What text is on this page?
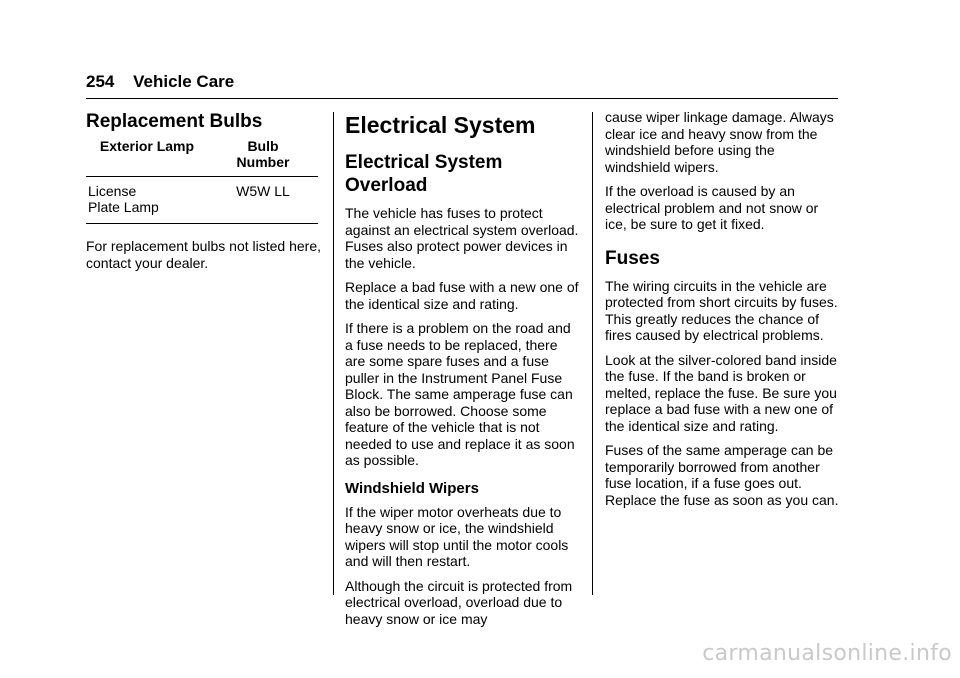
254 Vehicle Care
Replacement Bulbs
Exterior Lamp	Bulb
Number
License
Plate Lamp	W5W LL

For replacement bulbs not listed here, contact your dealer.

Electrical System
Electrical System Overload

The vehicle has fuses to protect against an electrical system overload. Fuses also protect power devices in the vehicle.

Replace a bad fuse with a new one of the identical size and rating.

If there is a problem on the road and a fuse needs to be replaced, there are some spare fuses and a fuse puller in the Instrument Panel Fuse Block. The same amperage fuse can also be borrowed. Choose some feature of the vehicle that is not needed to use and replace it as soon as possible.

Windshield Wipers

If the wiper motor overheats due to heavy snow or ice, the windshield wipers will stop until the motor cools and will then restart.

Although the circuit is protected from electrical overload, overload due to heavy snow or ice may

cause wiper linkage damage. Always clear ice and heavy snow from the windshield before using the windshield wipers.

If the overload is caused by an electrical problem and not snow or ice, be sure to get it fixed.

Fuses

The wiring circuits in the vehicle are protected from short circuits by fuses. This greatly reduces the chance of fires caused by electrical problems.

Look at the silver-colored band inside the fuse. If the band is broken or melted, replace the fuse. Be sure you replace a bad fuse with a new one of the identical size and rating.

Fuses of the same amperage can be temporarily borrowed from another fuse location, if a fuse goes out. Replace the fuse as soon as you can.

carmanualsonline.info
